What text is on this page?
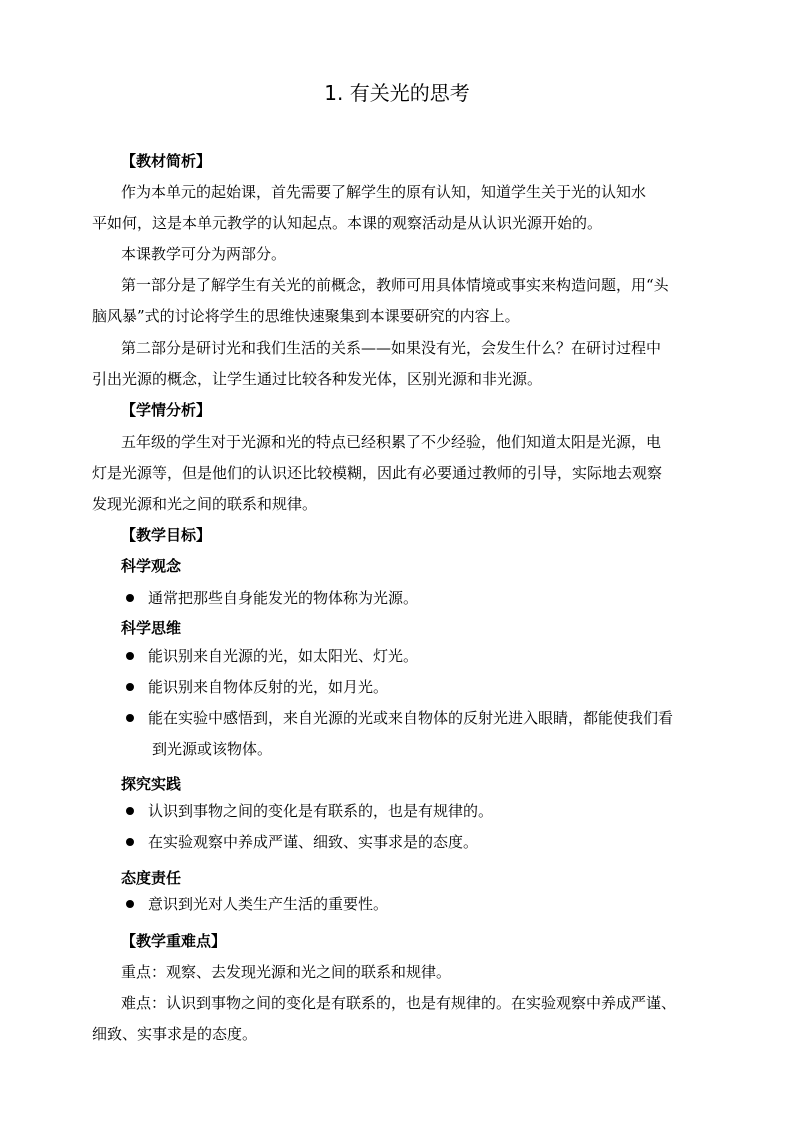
1. 有关光的思考
【教材简析】
作为本单元的起始课，首先需要了解学生的原有认知，知道学生关于光的认知水
平如何，这是本单元教学的认知起点。本课的观察活动是从认识光源开始的。
本课教学可分为两部分。
第一部分是了解学生有关光的前概念，教师可用具体情境或事实来构造问题，用“头
脑风暴”式的讨论将学生的思维快速聚集到本课要研究的内容上。
第二部分是研讨光和我们生活的关系——如果没有光，会发生什么？在研讨过程中
引出光源的概念，让学生通过比较各种发光体，区别光源和非光源。
【学情分析】
五年级的学生对于光源和光的特点已经积累了不少经验，他们知道太阳是光源，电
灯是光源等，但是他们的认识还比较模糊，因此有必要通过教师的引导，实际地去观察
发现光源和光之间的联系和规律。
【教学目标】
科学观念
通常把那些自身能发光的物体称为光源。
科学思维
能识别来自光源的光，如太阳光、灯光。
能识别来自物体反射的光，如月光。
能在实验中感悟到，来自光源的光或来自物体的反射光进入眼睛，都能使我们看
到光源或该物体。
探究实践
认识到事物之间的变化是有联系的，也是有规律的。
在实验观察中养成严谨、细致、实事求是的态度。
态度责任
意识到光对人类生产生活的重要性。
【教学重难点】
重点：观察、去发现光源和光之间的联系和规律。
难点：认识到事物之间的变化是有联系的，也是有规律的。在实验观察中养成严谨、
细致、实事求是的态度。
